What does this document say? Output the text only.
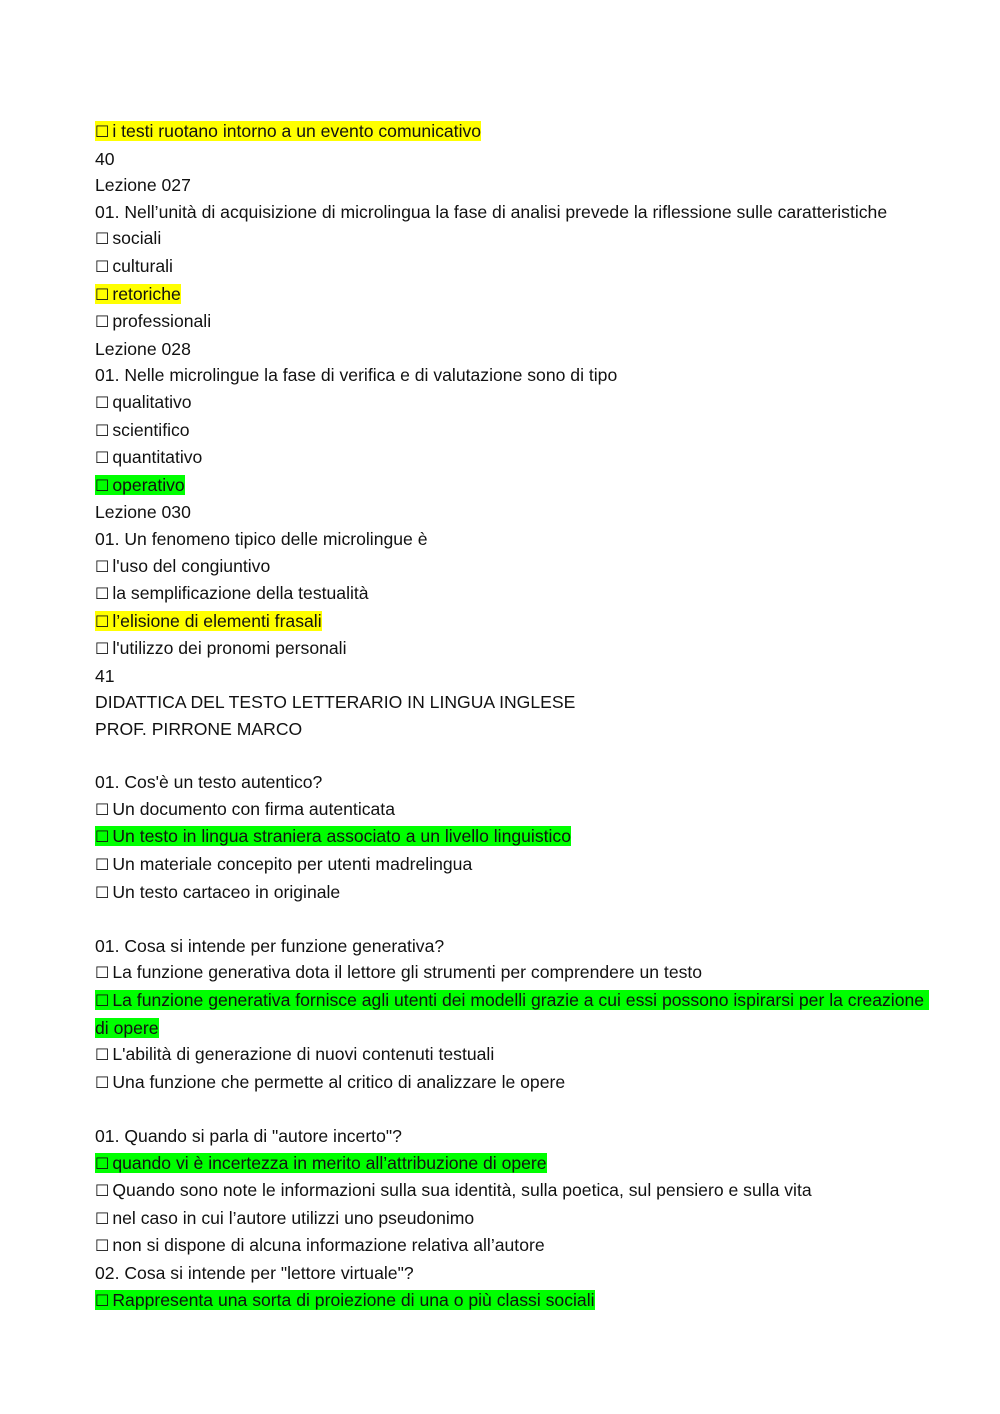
☐ i testi ruotano intorno a un evento comunicativo
40
Lezione 027
01. Nell’unità di acquisizione di microlingua la fase di analisi prevede la riflessione sulle caratteristiche
☐ sociali
☐ culturali
☐ retoriche
☐ professionali
Lezione 028
01. Nelle microlingue la fase di verifica e di valutazione sono di tipo
☐ qualitativo
☐ scientifico
☐ quantitativo
☐ operativo
Lezione 030
01. Un fenomeno tipico delle microlingue è
☐ l'uso del congiuntivo
☐ la semplificazione della testualità
☐ l’elisione di elementi frasali
☐ l'utilizzo dei pronomi personali
41
DIDATTICA DEL TESTO LETTERARIO IN LINGUA INGLESE
PROF. PIRRONE MARCO
01. Cos'è un testo autentico?
☐ Un documento con firma autenticata
☐ Un testo in lingua straniera associato a un livello linguistico
☐ Un materiale concepito per utenti madrelingua
☐ Un testo cartaceo in originale
01. Cosa si intende per funzione generativa?
☐ La funzione generativa dota il lettore gli strumenti per comprendere un testo
☐ La funzione generativa fornisce agli utenti dei modelli grazie a cui essi possono ispirarsi per la creazione di opere
☐ L'abilità di generazione di nuovi contenuti testuali
☐ Una funzione che permette al critico di analizzare le opere
01. Quando si parla di "autore incerto"?
☐ quando vi è incertezza in merito all’attribuzione di opere
☐ Quando sono note le informazioni sulla sua identità, sulla poetica, sul pensiero e sulla vita
☐ nel caso in cui l’autore utilizzi uno pseudonimo
☐ non si dispone di alcuna informazione relativa all’autore
02. Cosa si intende per "lettore virtuale"?
☐ Rappresenta una sorta di proiezione di una o più classi sociali
